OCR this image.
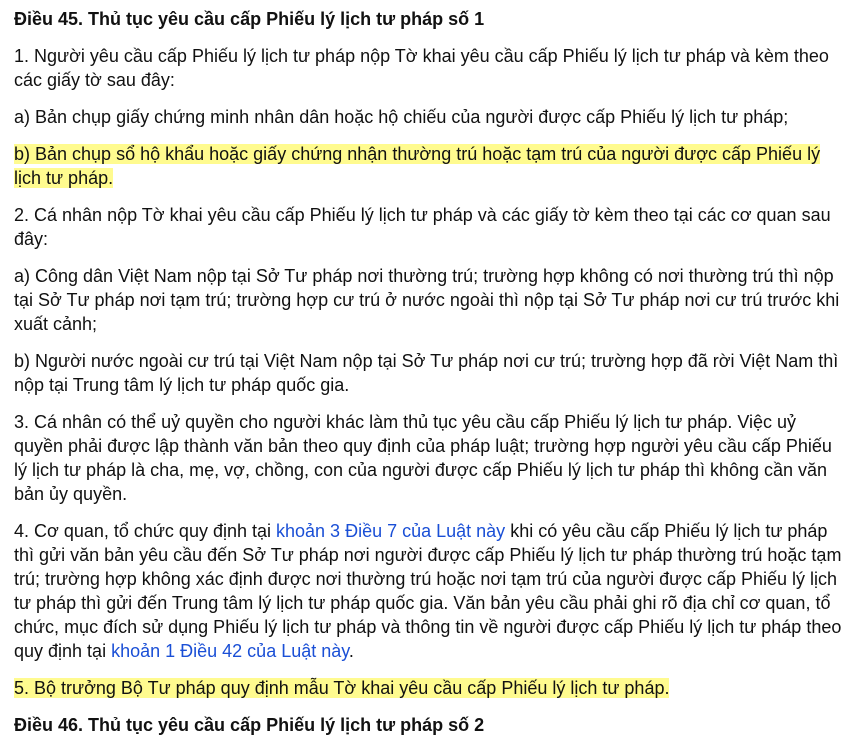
Điều 45. Thủ tục yêu cầu cấp Phiếu lý lịch tư pháp số 1

1. Người yêu cầu cấp Phiếu lý lịch tư pháp nộp Tờ khai yêu cầu cấp Phiếu lý lịch tư pháp và kèm theo các giấy tờ sau đây:

a) Bản chụp giấy chứng minh nhân dân hoặc hộ chiếu của người được cấp Phiếu lý lịch tư pháp;

b) Bản chụp sổ hộ khẩu hoặc giấy chứng nhận thường trú hoặc tạm trú của người được cấp Phiếu lý lịch tư pháp.

2. Cá nhân nộp Tờ khai yêu cầu cấp Phiếu lý lịch tư pháp và các giấy tờ kèm theo tại các cơ quan sau đây:

a) Công dân Việt Nam nộp tại Sở Tư pháp nơi thường trú; trường hợp không có nơi thường trú thì nộp tại Sở Tư pháp nơi tạm trú; trường hợp cư trú ở nước ngoài thì nộp tại Sở Tư pháp nơi cư trú trước khi xuất cảnh;

b) Người nước ngoài cư trú tại Việt Nam nộp tại Sở Tư pháp nơi cư trú; trường hợp đã rời Việt Nam thì nộp tại Trung tâm lý lịch tư pháp quốc gia.

3. Cá nhân có thể uỷ quyền cho người khác làm thủ tục yêu cầu cấp Phiếu lý lịch tư pháp. Việc uỷ quyền phải được lập thành văn bản theo quy định của pháp luật; trường hợp người yêu cầu cấp Phiếu lý lịch tư pháp là cha, mẹ, vợ, chồng, con của người được cấp Phiếu lý lịch tư pháp thì không cần văn bản ủy quyền.

4. Cơ quan, tổ chức quy định tại khoản 3 Điều 7 của Luật này khi có yêu cầu cấp Phiếu lý lịch tư pháp thì gửi văn bản yêu cầu đến Sở Tư pháp nơi người được cấp Phiếu lý lịch tư pháp thường trú hoặc tạm trú; trường hợp không xác định được nơi thường trú hoặc nơi tạm trú của người được cấp Phiếu lý lịch tư pháp thì gửi đến Trung tâm lý lịch tư pháp quốc gia. Văn bản yêu cầu phải ghi rõ địa chỉ cơ quan, tổ chức, mục đích sử dụng Phiếu lý lịch tư pháp và thông tin về người được cấp Phiếu lý lịch tư pháp theo quy định tại khoản 1 Điều 42 của Luật này.

5. Bộ trưởng Bộ Tư pháp quy định mẫu Tờ khai yêu cầu cấp Phiếu lý lịch tư pháp.

Điều 46. Thủ tục yêu cầu cấp Phiếu lý lịch tư pháp số 2
